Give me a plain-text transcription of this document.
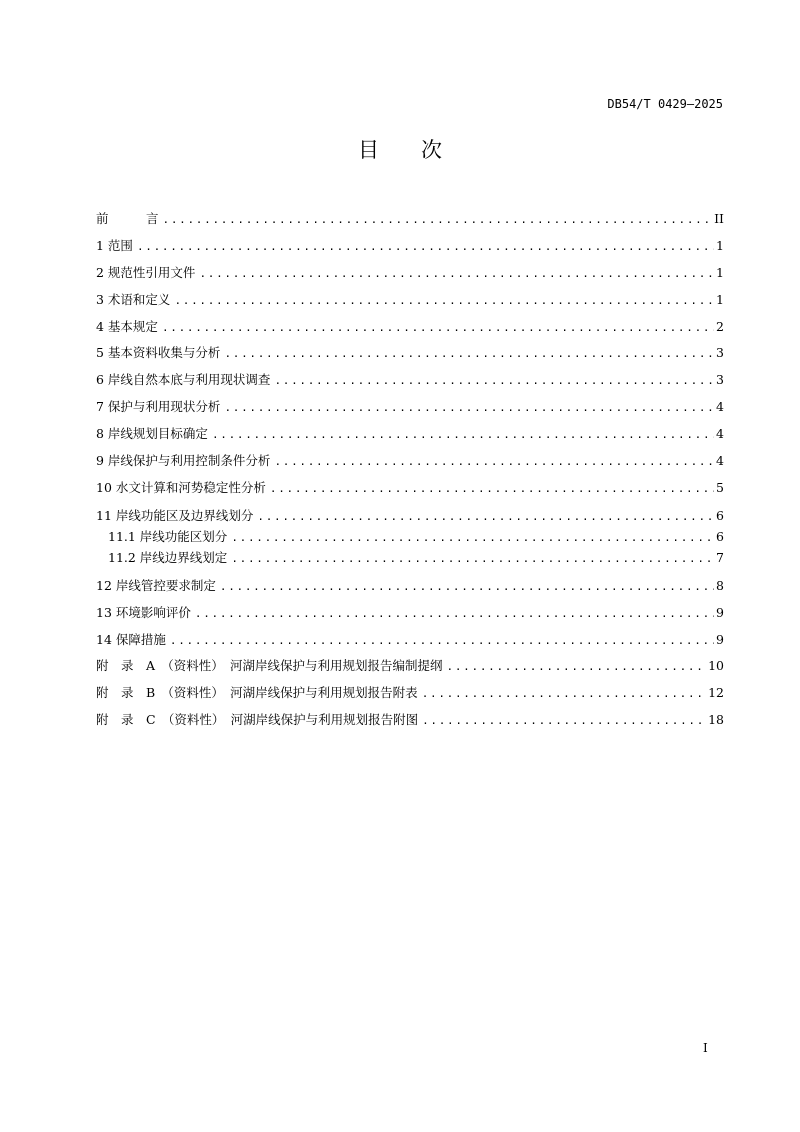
DB54/T 0429—2025
目　　次
前　　　言 .....	II
1 范围 .....	1
2 规范性引用文件 .....	1
3 术语和定义 .....	1
4 基本规定 .....	2
5 基本资料收集与分析 .....	3
6 岸线自然本底与利用现状调查 .....	3
7 保护与利用现状分析 .....	4
8 岸线规划目标确定 .....	4
9 岸线保护与利用控制条件分析 .....	4
10 水文计算和河势稳定性分析 .....	5
11 岸线功能区及边界线划分 .....	6
11.1 岸线功能区划分 .....	6
11.2 岸线边界线划定 .....	7
12 岸线管控要求制定 .....	8
13 环境影响评价 .....	9
14 保障措施 .....	9
附　录　A　（资料性）　河湖岸线保护与利用规划报告编制提纲 .....	10
附　录　B　（资料性）　河湖岸线保护与利用规划报告附表 .....	12
附　录　C　（资料性）　河湖岸线保护与利用规划报告附图 .....	18
I
